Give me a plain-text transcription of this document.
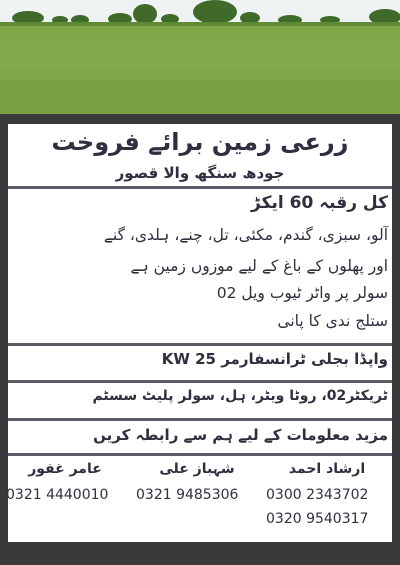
زرعی زمین برائے فروخت
جودھ سنگھ والا قصور
کل رقبہ 60 ایکڑ
آلو، سبزی، گندم، مکئی، تل، چنے، ہلدی، گنے
اور پھلوں کے باغ کے لیے موزوں زمین ہے
سولر پر واٹر ٹیوب ویل 02
ستلج ندی کا پانی
واپڈا بجلی ٹرانسفارمر 25 KW
ٹریکٹر02، روٹا ویٹر، ہل، سولر پلیٹ سسٹم
مزید معلومات کے لیے ہم سے رابطہ کریں
ارشاد احمد
0300 2343702
0320 9540317
شہباز علی
0321 9485306
عامر غفور
0321 4440010
